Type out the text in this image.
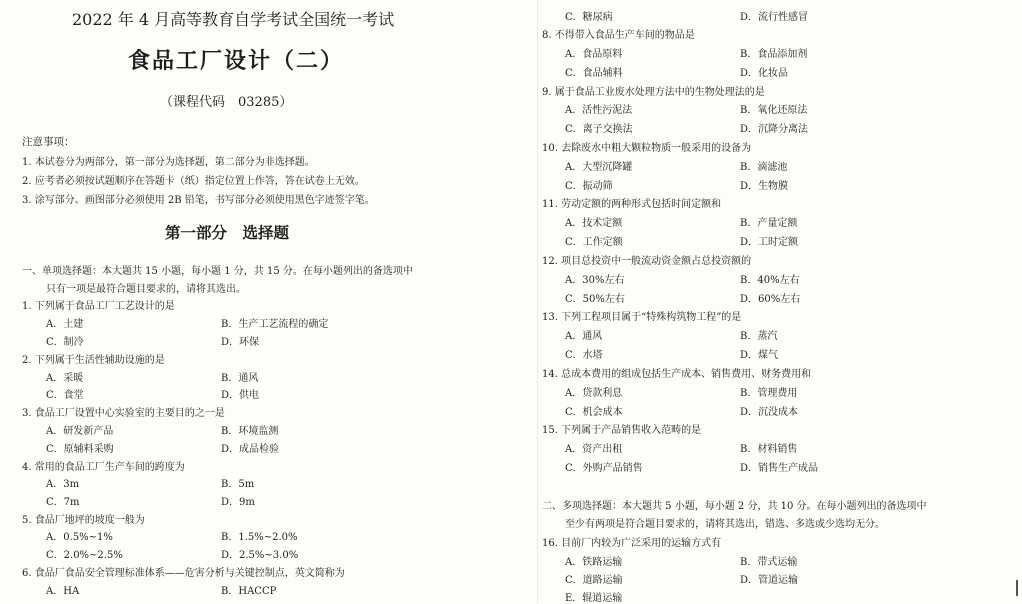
2022 年 4 月高等教育自学考试全国统一考试
食品工厂设计（二）
（课程代码　03285）
注意事项：
1. 本试卷分为两部分，第一部分为选择题，第二部分为非选择题。
2. 应考者必须按试题顺序在答题卡（纸）指定位置上作答，答在试卷上无效。
3. 涂写部分、画图部分必须使用 2B 铅笔，书写部分必须使用黑色字迹签字笔。
第一部分　选择题
一、单项选择题：本大题共 15 小题，每小题 1 分，共 15 分。在每小题列出的备选项中
只有一项是最符合题目要求的，请将其选出。
1. 下列属于食品工厂工艺设计的是
A．土建	B．生产工艺流程的确定
C．制冷	D．环保
2. 下列属于生活性辅助设施的是
A．采暖	B．通风
C．食堂	D．供电
3. 食品工厂设置中心实验室的主要目的之一是
A．研发新产品	B．环境监测
C．原辅料采购	D．成品检验
4. 常用的食品工厂生产车间的跨度为
A．3m	B．5m
C．7m	D．9m
5. 食品厂地坪的坡度一般为
A．0.5%~1%	B．1.5%~2.0%
C．2.0%~2.5%	D．2.5%~3.0%
6. 食品厂食品安全管理标准体系——危害分析与关键控制点，英文简称为
A．HA	B．HACCP
C．糖尿病	D．流行性感冒
8. 不得带入食品生产车间的物品是
A．食品原料	B．食品添加剂
C．食品辅料	D．化妆品
9. 属于食品工业废水处理方法中的生物处理法的是
A．活性污泥法	B．氧化还原法
C．离子交换法	D．沉降分离法
10. 去除废水中粗大颗粒物质一般采用的设备为
A．大型沉降罐	B．滴滤池
C．振动筛	D．生物膜
11. 劳动定额的两种形式包括时间定额和
A．技术定额	B．产量定额
C．工作定额	D．工时定额
12. 项目总投资中一般流动资金额占总投资额的
A．30%左右	B．40%左右
C．50%左右	D．60%左右
13. 下列工程项目属于“特殊构筑物工程”的是
A．通风	B．蒸汽
C．水塔	D．煤气
14. 总成本费用的组成包括生产成本、销售费用、财务费用和
A．贷款利息	B．管理费用
C．机会成本	D．沉没成本
15. 下列属于产品销售收入范畴的是
A．资产出租	B．材料销售
C．外购产品销售	D．销售生产成品
二、多项选择题：本大题共 5 小题，每小题 2 分，共 10 分。在每小题列出的备选项中
至少有两项是符合题目要求的，请将其选出，错选、多选或少选均无分。
16. 目前厂内较为广泛采用的运输方式有
A．铁路运输	B．带式运输
C．道路运输	D．管道运输
E．辊道运输
